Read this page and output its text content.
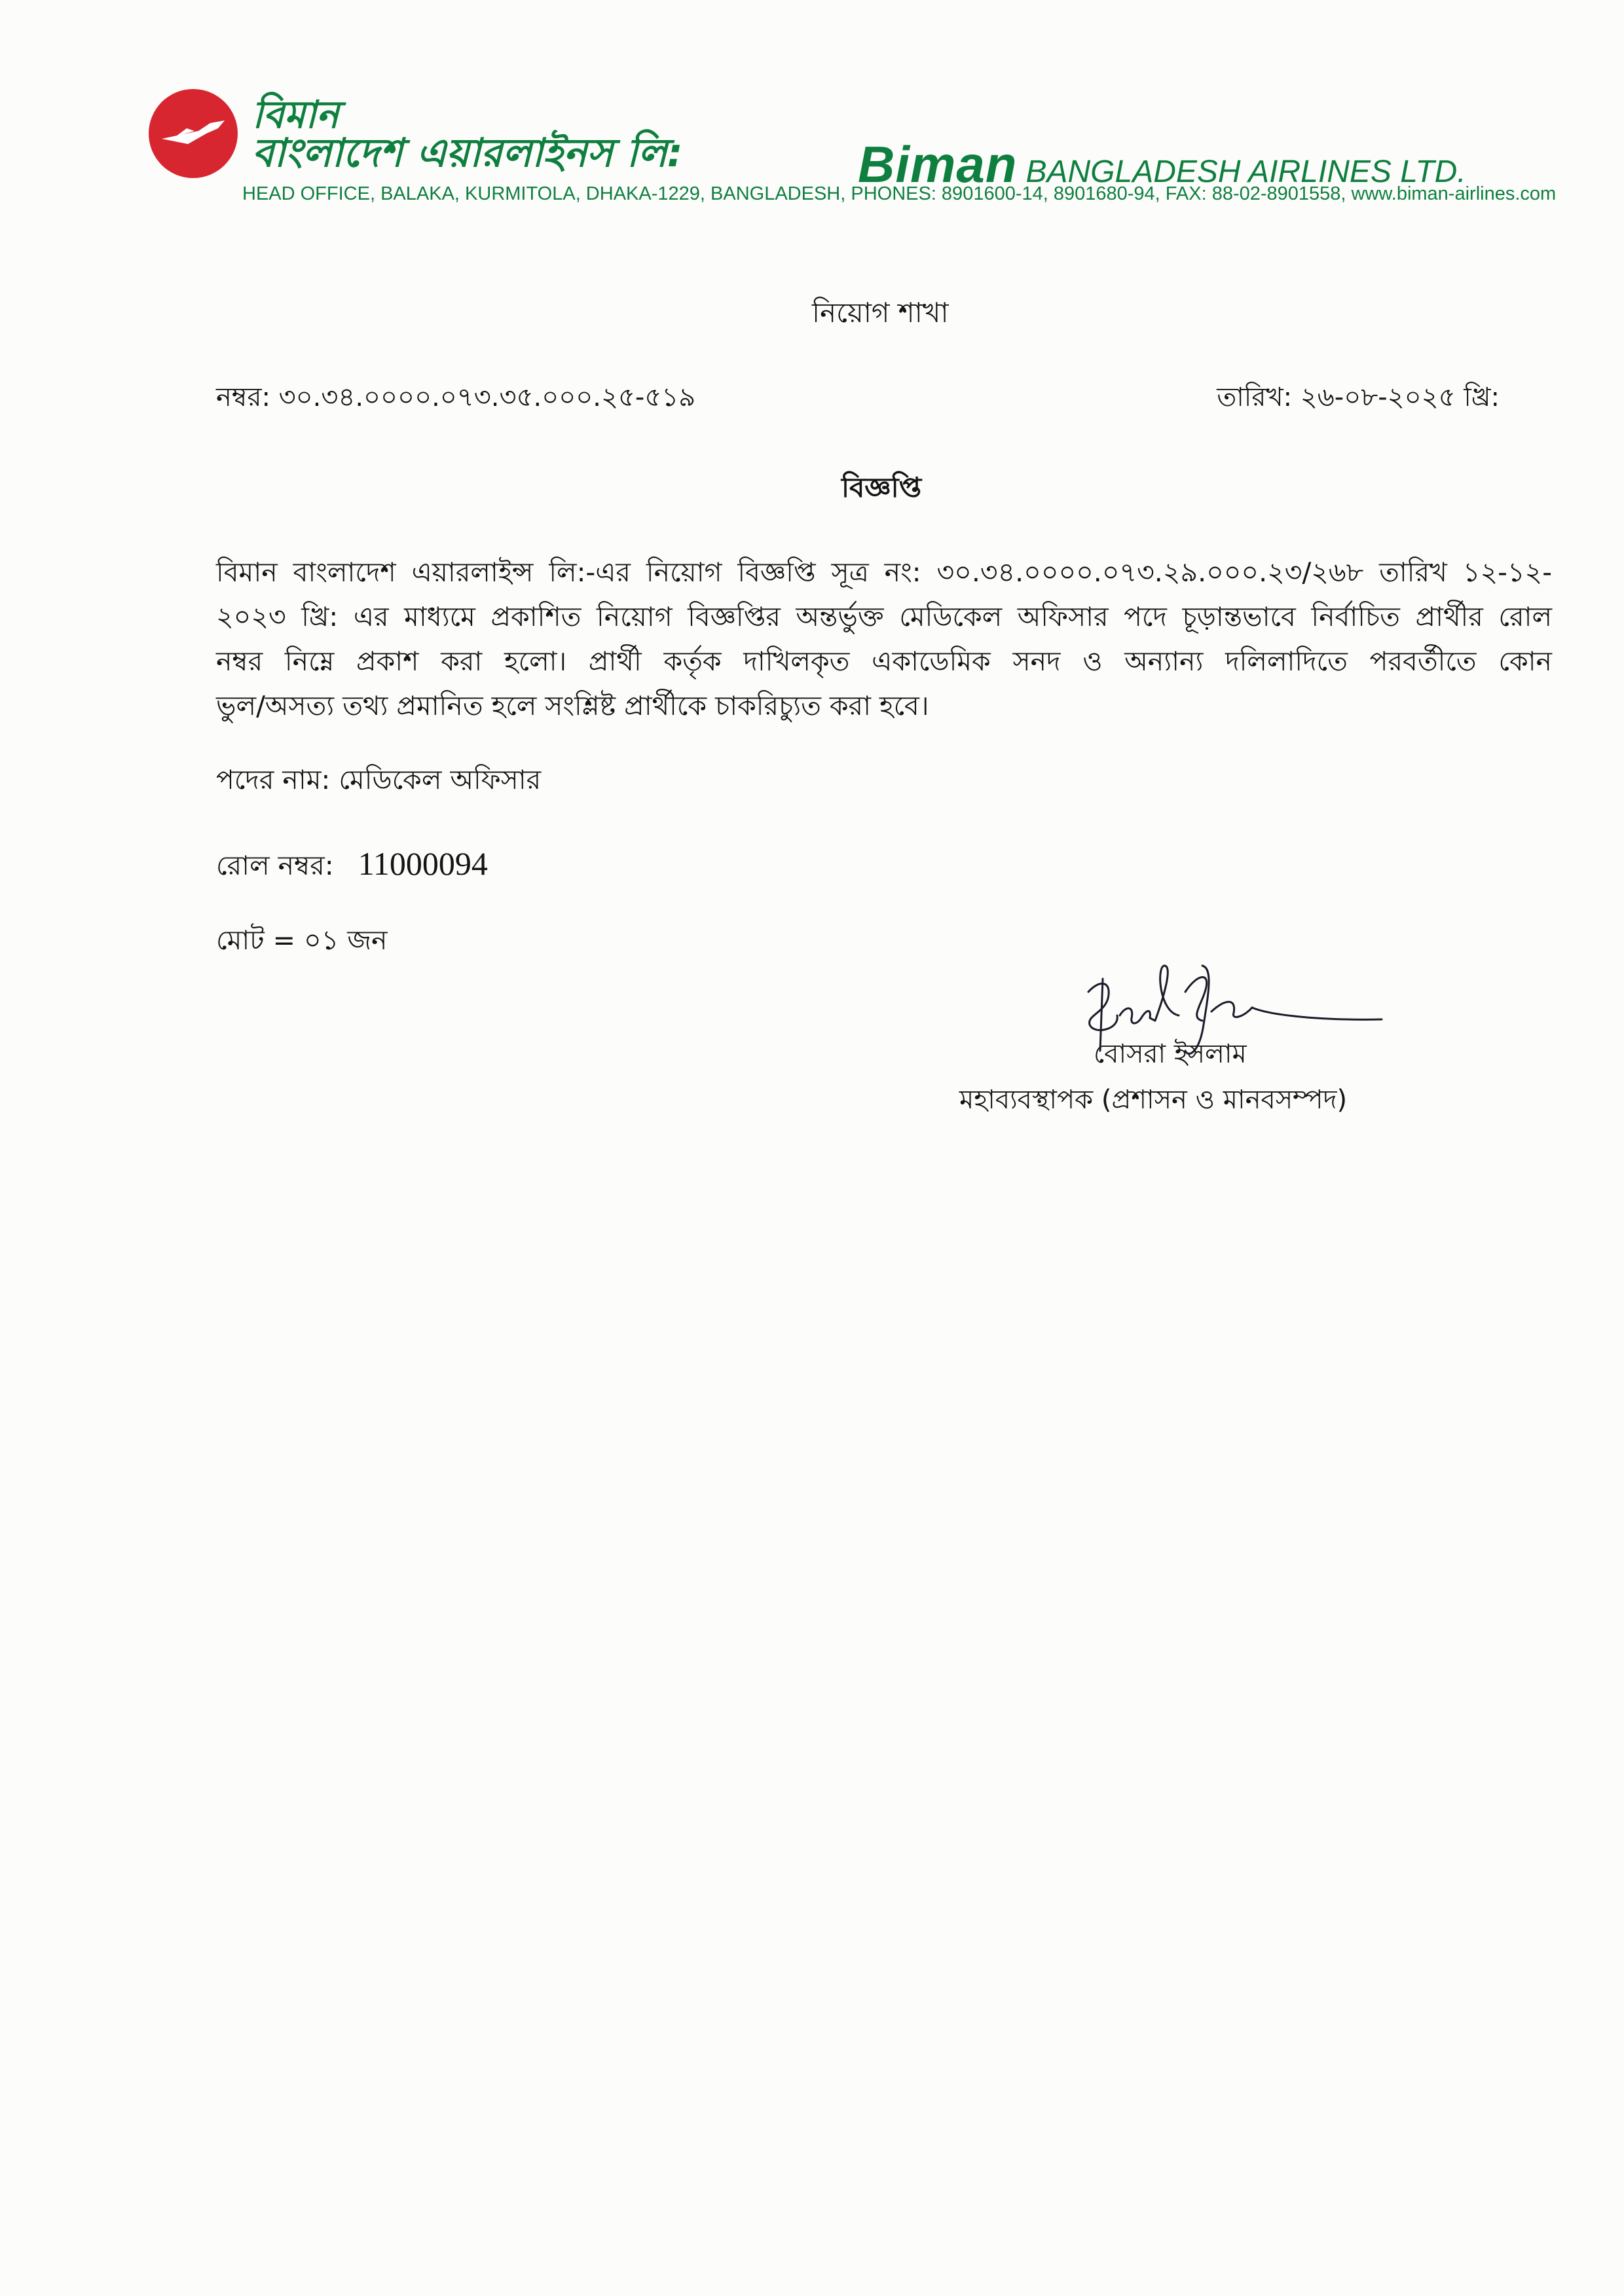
বিমান
বাংলাদেশ এয়ারলাইনস লি:	Biman BANGLADESH AIRLINES LTD.
HEAD OFFICE, BALAKA, KURMITOLA, DHAKA-1229, BANGLADESH, PHONES: 8901600-14, 8901680-94, FAX: 88-02-8901558, www.biman-airlines.com
নিয়োগ শাখা
নম্বর: ৩০.৩৪.০০০০.০৭৩.৩৫.০০০.২৫-৫১৯	তারিখ: ২৬-০৮-২০২৫ খ্রি:
বিজ্ঞপ্তি
বিমান বাংলাদেশ এয়ারলাইন্স লি:-এর নিয়োগ বিজ্ঞপ্তি সূত্র নং: ৩০.৩৪.০০০০.০৭৩.২৯.০০০.২৩/২৬৮ তারিখ ১২-১২-
২০২৩ খ্রি: এর মাধ্যমে প্রকাশিত নিয়োগ বিজ্ঞপ্তির অন্তর্ভুক্ত মেডিকেল অফিসার পদে চূড়ান্তভাবে নির্বাচিত প্রার্থীর রোল
নম্বর নিম্নে প্রকাশ করা হলো। প্রার্থী কর্তৃক দাখিলকৃত একাডেমিক সনদ ও অন্যান্য দলিলাদিতে পরবর্তীতে কোন
ভুল/অসত্য তথ্য প্রমানিত হলে সংশ্লিষ্ট প্রার্থীকে চাকরিচ্যুত করা হবে।
পদের নাম: মেডিকেল অফিসার
রোল নম্বর: 11000094
মোট = ০১ জন
বোসরা ইসলাম
মহাব্যবস্থাপক (প্রশাসন ও মানবসম্পদ)
